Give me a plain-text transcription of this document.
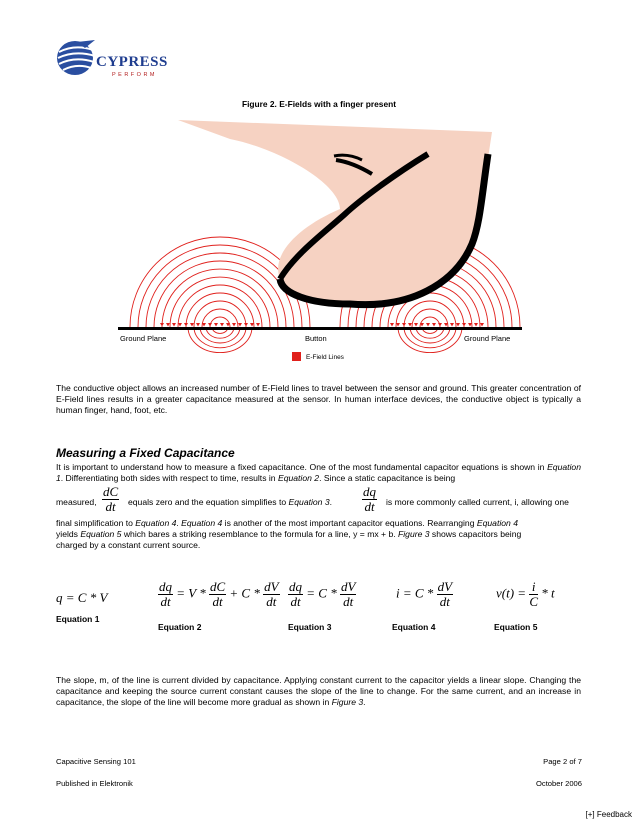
CYPRESS
PERFORM
Figure 2. E-Fields with a finger present
Ground Plane	Button	Ground Plane
E-Field Lines
The conductive object allows an increased number of E-Field lines to travel between the sensor and ground. This greater concentration of E-Field lines results in a greater capacitance measured at the sensor. In human interface devices, the conductive object is typically a human finger, hand, foot, etc.
Measuring a Fixed Capacitance
It is important to understand how to measure a fixed capacitance. One of the most fundamental capacitor equations is shown in Equation 1. Differentiating both sides with respect to time, results in Equation 2. Since a static capacitance is being
measured, $\frac{dC}{dt}$ equals zero and the equation simplifies to Equation 3. $\frac{dq}{dt}$ is more commonly called current, i, allowing one
final simplification to Equation 4. Equation 4 is another of the most important capacitor equations. Rearranging Equation 4
yields Equation 5 which bares a striking resemblance to the formula for a line, y = mx + b. Figure 3 shows capacitors being
charged by a constant current source.
q = C * V
Equation 1
$\frac{dq}{dt} = V * \frac{dC}{dt} + C * \frac{dV}{dt}$
Equation 2
$\frac{dq}{dt} = C * \frac{dV}{dt}$
Equation 3
$i = C * \frac{dV}{dt}$
Equation 4
$v(t) = \frac{i}{C} * t$
Equation 5
The slope, m, of the line is current divided by capacitance. Applying constant current to the capacitor yields a linear slope. Changing the capacitance and keeping the source current constant causes the slope of the line to change. For the same current, and an increase in capacitance, the slope of the line will become more gradual as shown in Figure 3.
Capacitive Sensing 101	Page 2 of 7
Published in Elektronik	October 2006
[+] Feedback
